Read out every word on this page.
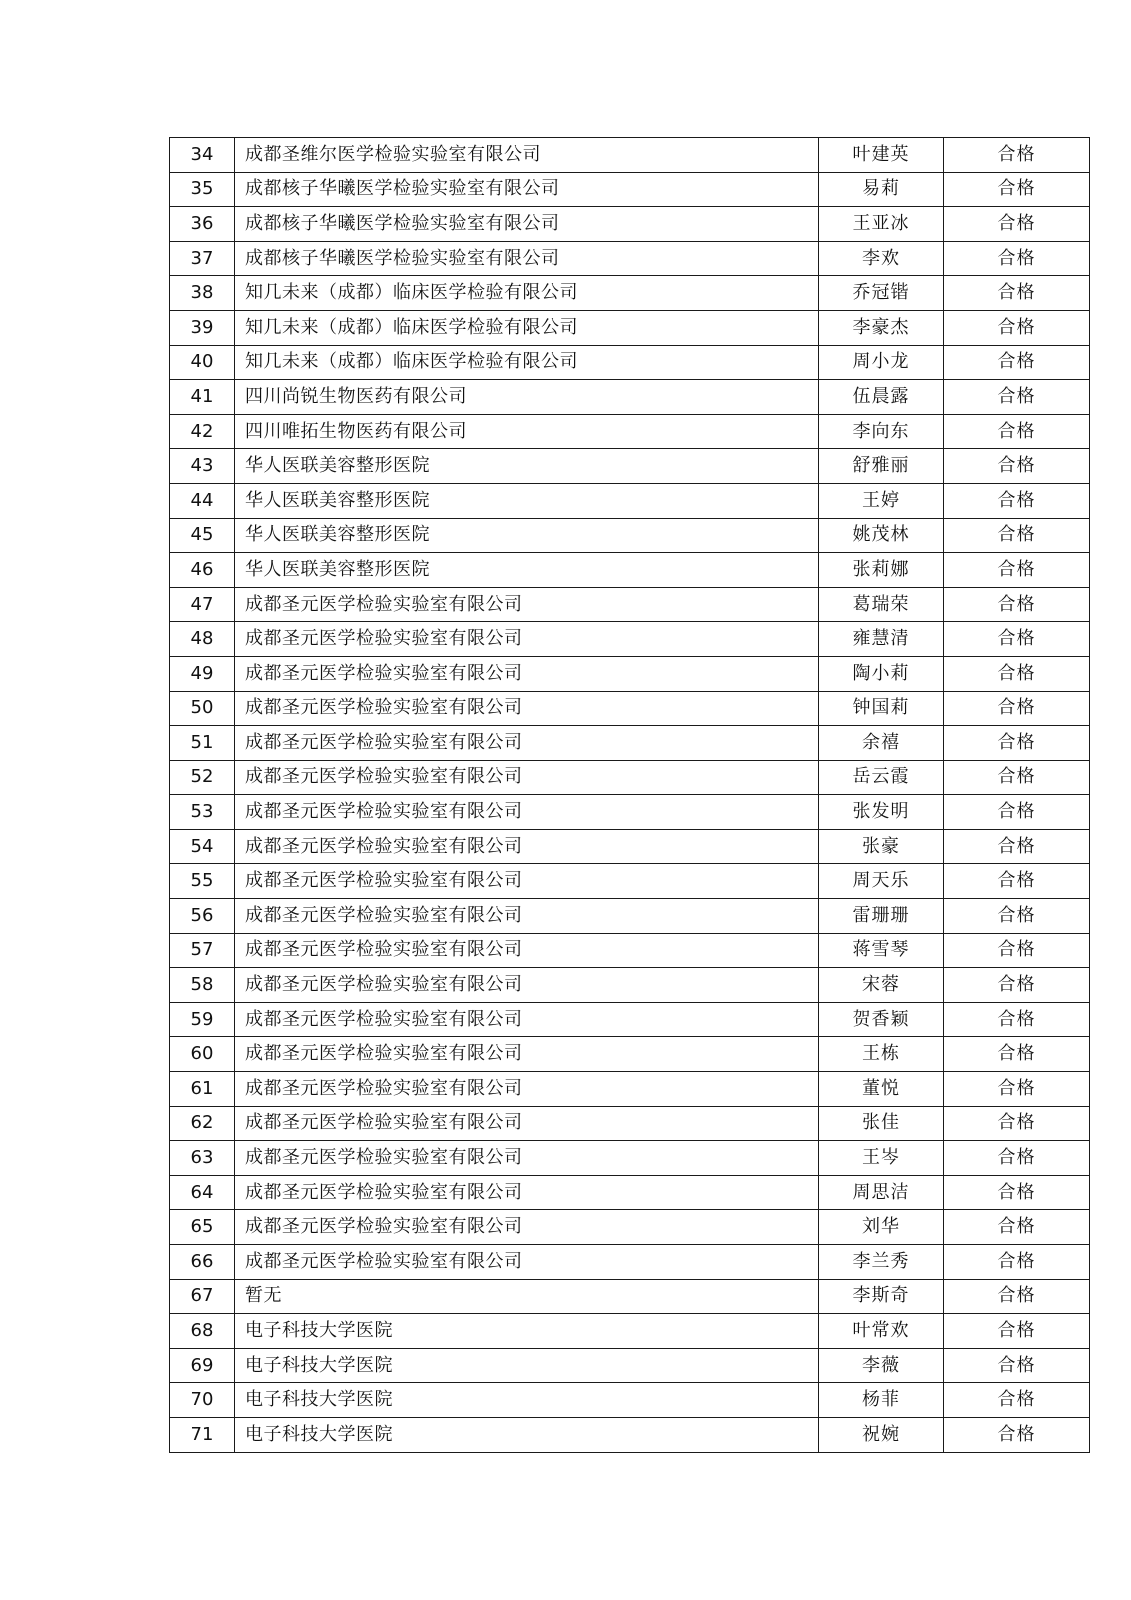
34	成都圣维尔医学检验实验室有限公司	叶建英	合格
35	成都核子华曦医学检验实验室有限公司	易莉	合格
36	成都核子华曦医学检验实验室有限公司	王亚冰	合格
37	成都核子华曦医学检验实验室有限公司	李欢	合格
38	知几未来（成都）临床医学检验有限公司	乔冠锴	合格
39	知几未来（成都）临床医学检验有限公司	李豪杰	合格
40	知几未来（成都）临床医学检验有限公司	周小龙	合格
41	四川尚锐生物医药有限公司	伍晨露	合格
42	四川唯拓生物医药有限公司	李向东	合格
43	华人医联美容整形医院	舒雅丽	合格
44	华人医联美容整形医院	王婷	合格
45	华人医联美容整形医院	姚茂林	合格
46	华人医联美容整形医院	张莉娜	合格
47	成都圣元医学检验实验室有限公司	葛瑞荣	合格
48	成都圣元医学检验实验室有限公司	雍慧清	合格
49	成都圣元医学检验实验室有限公司	陶小莉	合格
50	成都圣元医学检验实验室有限公司	钟国莉	合格
51	成都圣元医学检验实验室有限公司	余禧	合格
52	成都圣元医学检验实验室有限公司	岳云霞	合格
53	成都圣元医学检验实验室有限公司	张发明	合格
54	成都圣元医学检验实验室有限公司	张豪	合格
55	成都圣元医学检验实验室有限公司	周天乐	合格
56	成都圣元医学检验实验室有限公司	雷珊珊	合格
57	成都圣元医学检验实验室有限公司	蒋雪琴	合格
58	成都圣元医学检验实验室有限公司	宋蓉	合格
59	成都圣元医学检验实验室有限公司	贺香颖	合格
60	成都圣元医学检验实验室有限公司	王栋	合格
61	成都圣元医学检验实验室有限公司	董悦	合格
62	成都圣元医学检验实验室有限公司	张佳	合格
63	成都圣元医学检验实验室有限公司	王岑	合格
64	成都圣元医学检验实验室有限公司	周思洁	合格
65	成都圣元医学检验实验室有限公司	刘华	合格
66	成都圣元医学检验实验室有限公司	李兰秀	合格
67	暂无	李斯奇	合格
68	电子科技大学医院	叶常欢	合格
69	电子科技大学医院	李薇	合格
70	电子科技大学医院	杨菲	合格
71	电子科技大学医院	祝婉	合格
